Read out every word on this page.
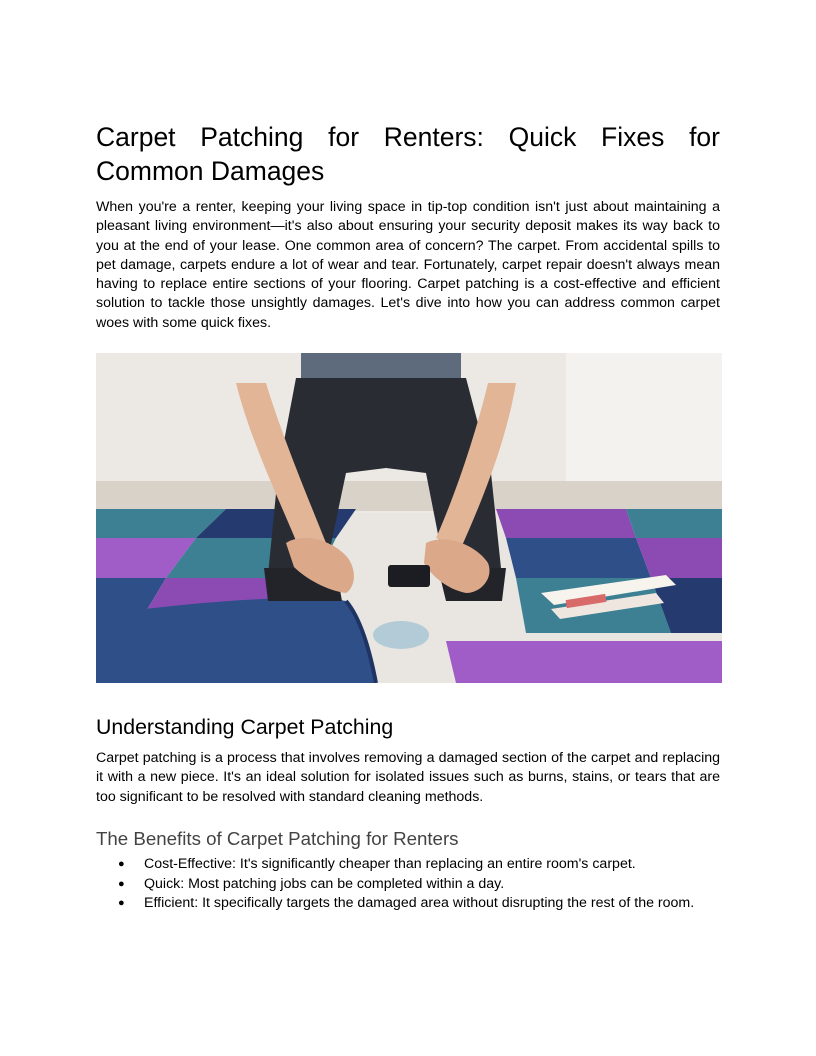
Carpet Patching for Renters: Quick Fixes for Common Damages

When you're a renter, keeping your living space in tip-top condition isn't just about maintaining a pleasant living environment—it's also about ensuring your security deposit makes its way back to you at the end of your lease. One common area of concern? The carpet. From accidental spills to pet damage, carpets endure a lot of wear and tear. Fortunately, carpet repair doesn't always mean having to replace entire sections of your flooring. Carpet patching is a cost-effective and efficient solution to tackle those unsightly damages. Let's dive into how you can address common carpet woes with some quick fixes.

Understanding Carpet Patching

Carpet patching is a process that involves removing a damaged section of the carpet and replacing it with a new piece. It's an ideal solution for isolated issues such as burns, stains, or tears that are too significant to be resolved with standard cleaning methods.

The Benefits of Carpet Patching for Renters
● Cost-Effective: It's significantly cheaper than replacing an entire room's carpet.
● Quick: Most patching jobs can be completed within a day.
● Efficient: It specifically targets the damaged area without disrupting the rest of the room.
